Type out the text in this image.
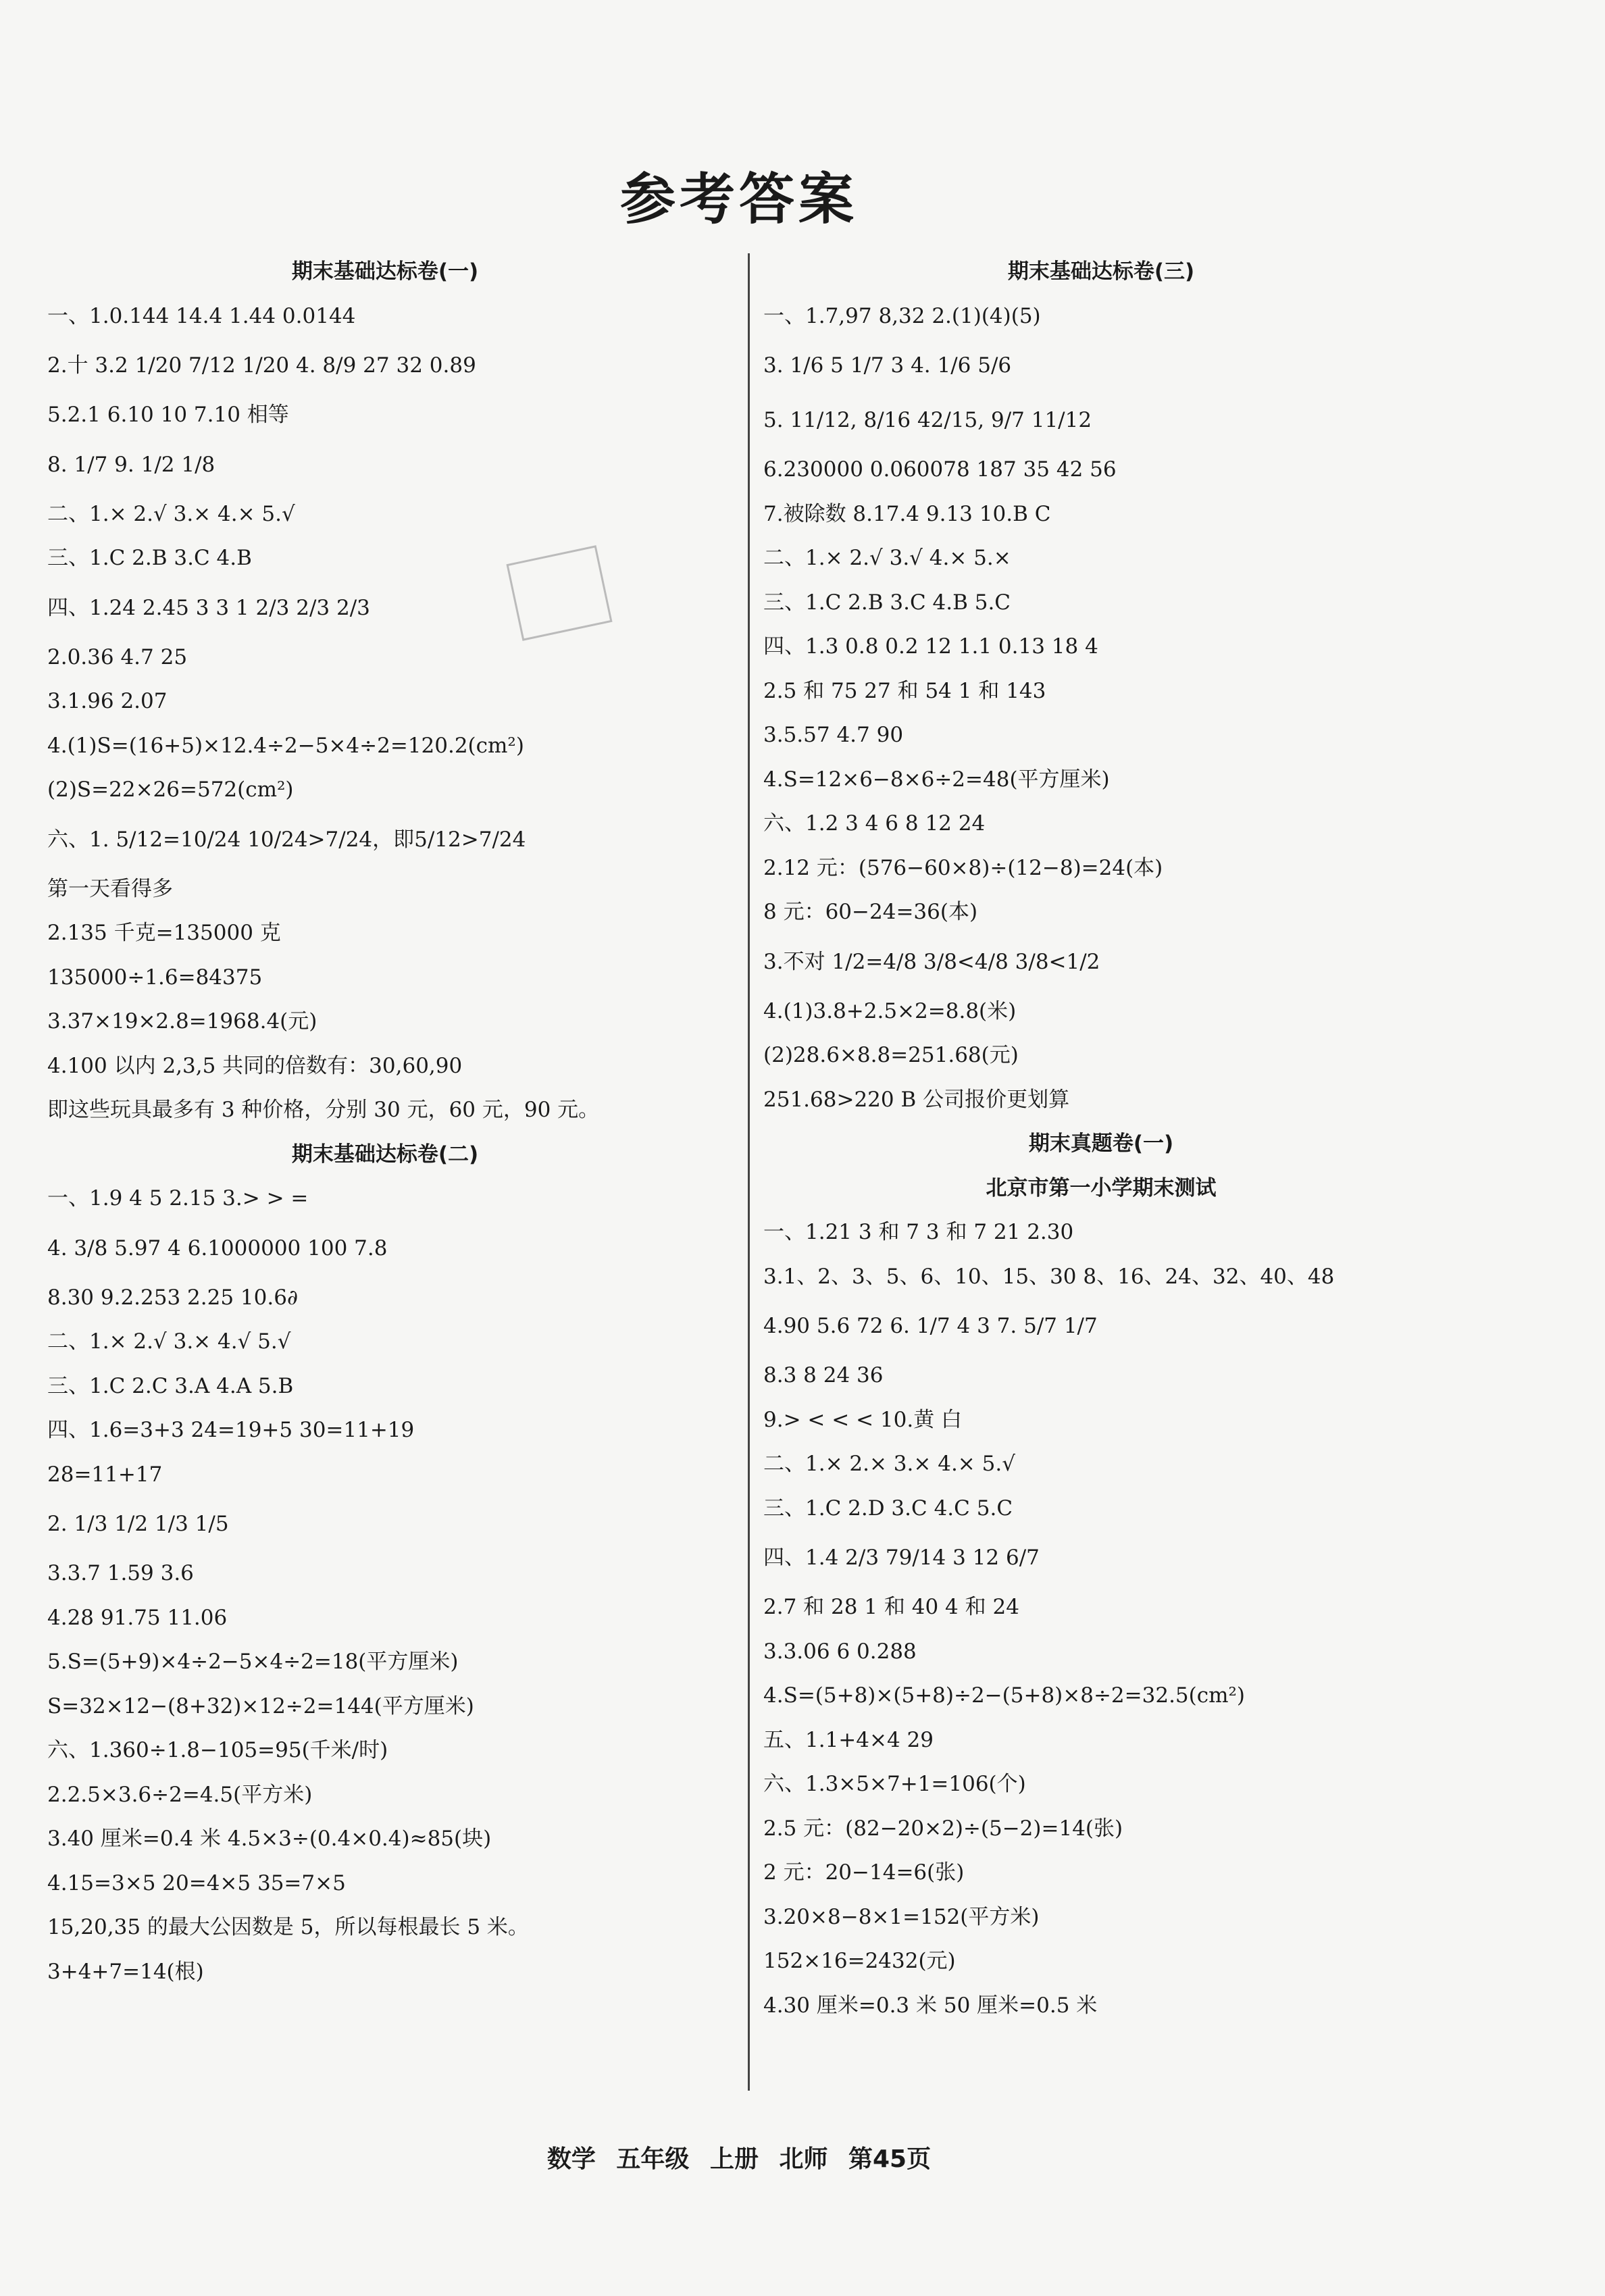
参考答案
期末基础达标卷(一)
一、1.0.144 14.4 1.44 0.0144
2.十 3.2 1/20 7/12 1/20 4. 8/9 27 32 0.89
5.2.1 6.10 10 7.10 相等
8. 1/7 9. 1/2 1/8
二、1.× 2.√ 3.× 4.× 5.√
三、1.C 2.B 3.C 4.B
四、1.24 2.45 3 3 1 2/3 2/3 2/3
2.0.36 4.7 25
3.1.96 2.07
4.(1)S=(16+5)×12.4÷2−5×4÷2=120.2(cm²)
(2)S=22×26=572(cm²)
六、1. 5/12=10/24 10/24>7/24，即5/12>7/24
第一天看得多
2.135 千克=135000 克
135000÷1.6=84375
3.37×19×2.8=1968.4(元)
4.100 以内 2,3,5 共同的倍数有：30,60,90
即这些玩具最多有 3 种价格，分别 30 元，60 元，90 元。
期末基础达标卷(二)
一、1.9 4 5 2.15 3.> > =
4. 3/8 5.97 4 6.1000000 100 7.8
8.30 9.2.253 2.25 10.6∂
二、1.× 2.√ 3.× 4.√ 5.√
三、1.C 2.C 3.A 4.A 5.B
四、1.6=3+3 24=19+5 30=11+19
28=11+17
2. 1/3 1/2 1/3 1/5
3.3.7 1.59 3.6
4.28 91.75 11.06
5.S=(5+9)×4÷2−5×4÷2=18(平方厘米)
S=32×12−(8+32)×12÷2=144(平方厘米)
六、1.360÷1.8−105=95(千米/时)
2.2.5×3.6÷2=4.5(平方米)
3.40 厘米=0.4 米 4.5×3÷(0.4×0.4)≈85(块)
4.15=3×5 20=4×5 35=7×5
15,20,35 的最大公因数是 5，所以每根最长 5 米。
3+4+7=14(根)
期末基础达标卷(三)
一、1.7,97 8,32 2.(1)(4)(5)
3. 1/6 5 1/7 3 4. 1/6 5/6
5. 11/12, 8/16 42/15, 9/7 11/12
6.230000 0.060078 187 35 42 56
7.被除数 8.17.4 9.13 10.B C
二、1.× 2.√ 3.√ 4.× 5.×
三、1.C 2.B 3.C 4.B 5.C
四、1.3 0.8 0.2 12 1.1 0.13 18 4
2.5 和 75 27 和 54 1 和 143
3.5.57 4.7 90
4.S=12×6−8×6÷2=48(平方厘米)
六、1.2 3 4 6 8 12 24
2.12 元：(576−60×8)÷(12−8)=24(本)
8 元：60−24=36(本)
3.不对 1/2=4/8 3/8<4/8 3/8<1/2
4.(1)3.8+2.5×2=8.8(米)
(2)28.6×8.8=251.68(元)
251.68>220 B 公司报价更划算
期末真题卷(一)
北京市第一小学期末测试
一、1.21 3 和 7 3 和 7 21 2.30
3.1、2、3、5、6、10、15、30 8、16、24、32、40、48
4.90 5.6 72 6. 1/7 4 3 7. 5/7 1/7
8.3 8 24 36
9.> < < < 10.黄 白
二、1.× 2.× 3.× 4.× 5.√
三、1.C 2.D 3.C 4.C 5.C
四、1.4 2/3 79/14 3 12 6/7
2.7 和 28 1 和 40 4 和 24
3.3.06 6 0.288
4.S=(5+8)×(5+8)÷2−(5+8)×8÷2=32.5(cm²)
五、1.1+4×4 29
六、1.3×5×7+1=106(个)
2.5 元：(82−20×2)÷(5−2)=14(张)
2 元：20−14=6(张)
3.20×8−8×1=152(平方米)
152×16=2432(元)
4.30 厘米=0.3 米 50 厘米=0.5 米
数学 五年级 上册 北师 第45页
